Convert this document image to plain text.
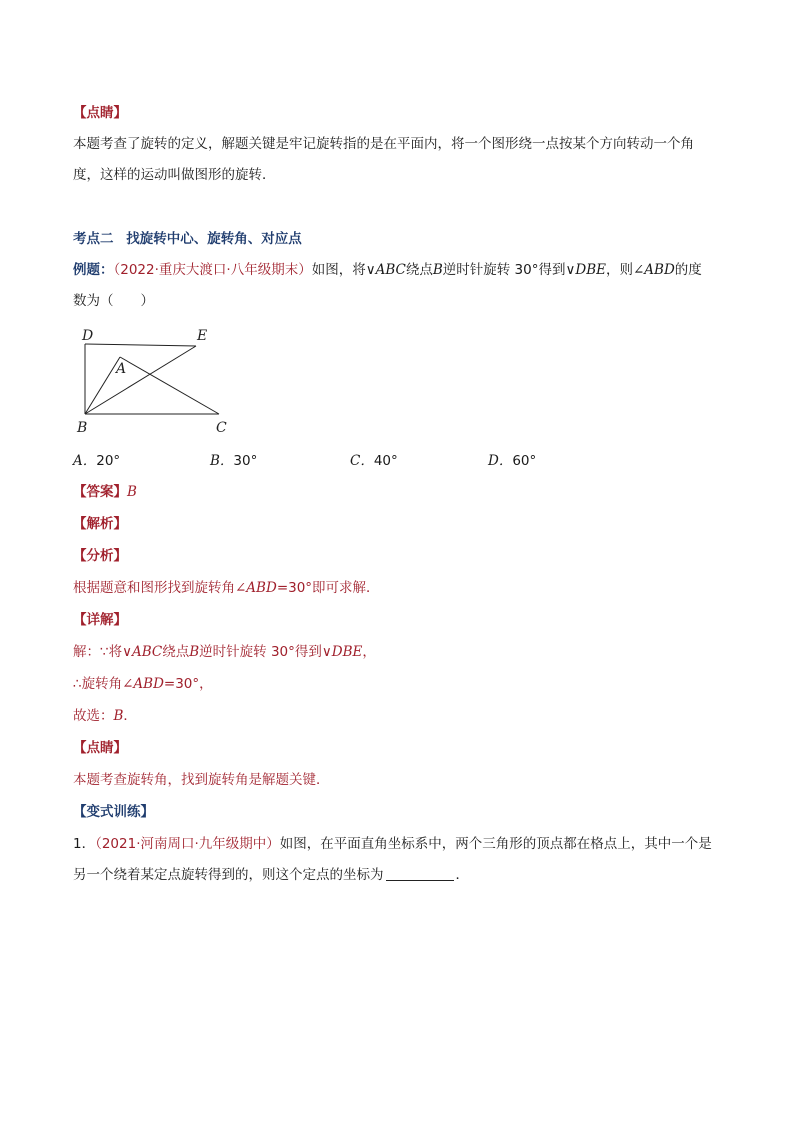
【点睛】
本题考查了旋转的定义，解题关键是牢记旋转指的是在平面内，将一个图形绕一点按某个方向转动一个角
度，这样的运动叫做图形的旋转．
考点二 找旋转中心、旋转角、对应点
例题：（2022·重庆大渡口·八年级期末）如图，将∨ABC绕点B逆时针旋转 30°得到∨DBE，则∠ABD的度
数为（　　）
D	E
A
B	C
A．20°	B．30°	C．40°	D．60°
【答案】B
【解析】
【分析】
根据题意和图形找到旋转角∠ABD=30°即可求解．
【详解】
解：∵将∨ABC绕点B逆时针旋转 30°得到∨DBE，
∴旋转角∠ABD=30°，
故选：B．
【点睛】
本题考查旋转角，找到旋转角是解题关键．
【变式训练】
1．（2021·河南周口·九年级期中）如图，在平面直角坐标系中，两个三角形的顶点都在格点上，其中一个是
另一个绕着某定点旋转得到的，则这个定点的坐标为	．
